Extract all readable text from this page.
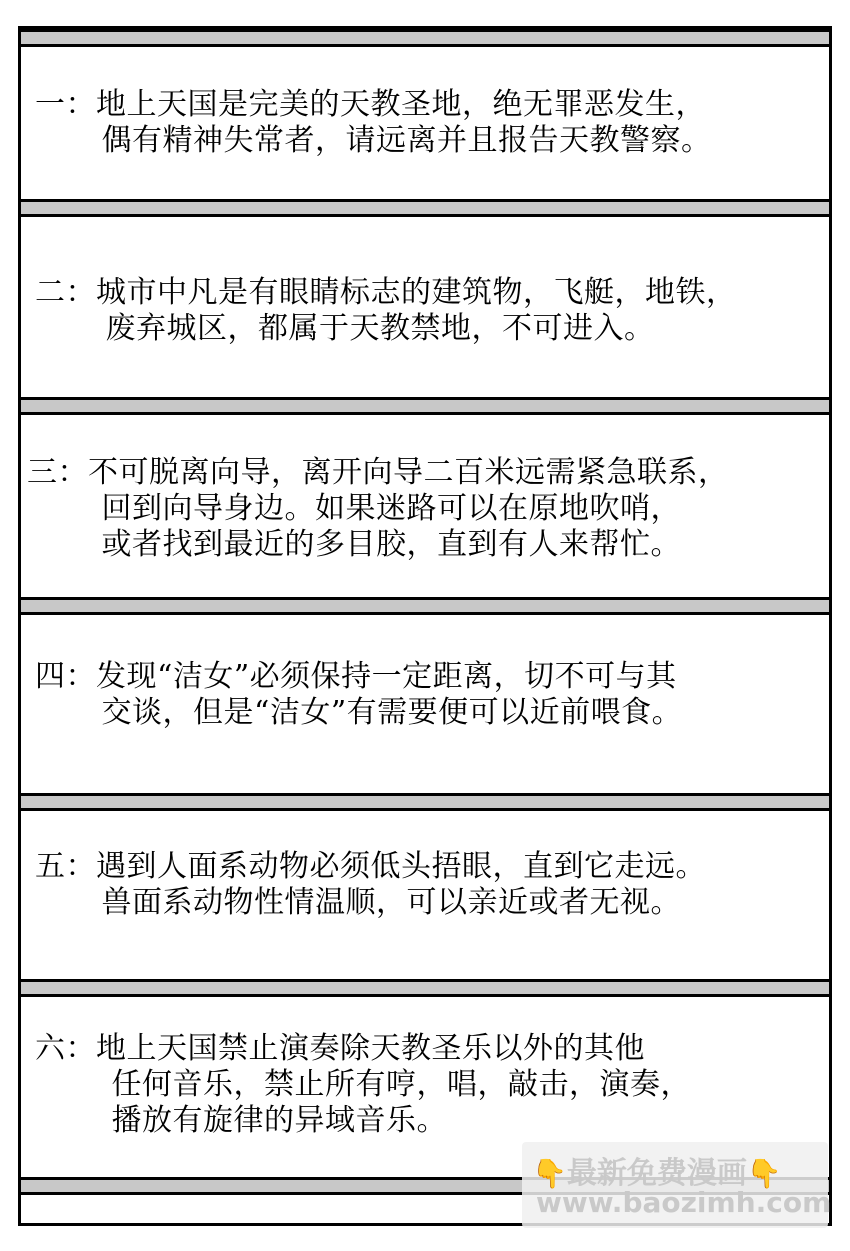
一：地上天国是完美的天教圣地，绝无罪恶发生，
　偶有精神失常者，请远离并且报告天教警察。
二：城市中凡是有眼睛标志的建筑物，飞艇，地铁，
　废弃城区，都属于天教禁地，不可进入。
三：不可脱离向导，离开向导二百米远需紧急联系，
　回到向导身边。如果迷路可以在原地吹哨，
　或者找到最近的多目胶，直到有人来帮忙。
四：发现“洁女”必须保持一定距离，切不可与其
　交谈，但是“洁女”有需要便可以近前喂食。
五：遇到人面系动物必须低头捂眼，直到它走远。
　兽面系动物性情温顺，可以亲近或者无视。
六：地上天国禁止演奏除天教圣乐以外的其他
　任何音乐，禁止所有哼，唱，敲击，演奏，
　播放有旋律的异域音乐。
👇最新免费漫画👇
www.baozimh.com
